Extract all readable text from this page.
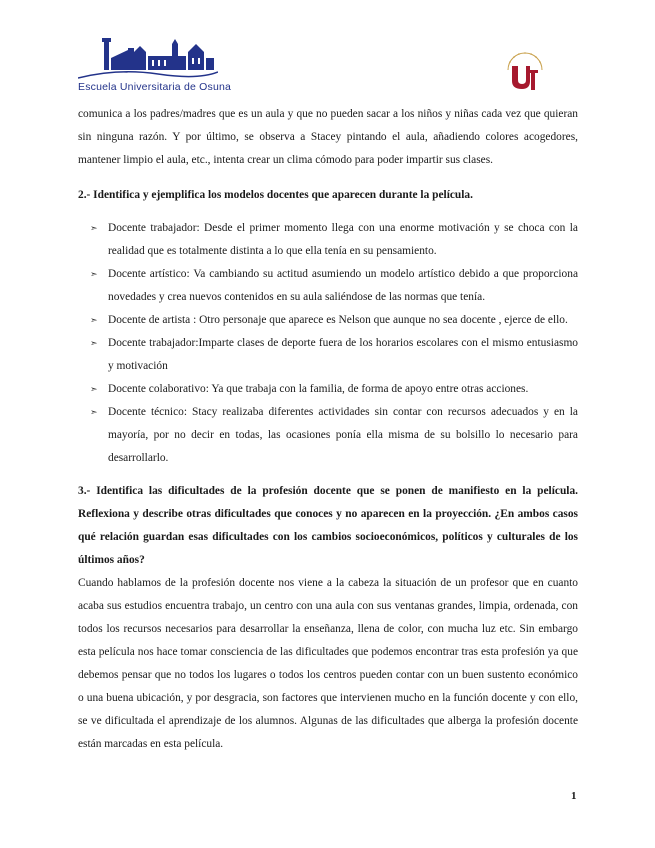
Escuela Universitaria de Osuna

comunica a los padres/madres que es un aula y que no pueden sacar a los niños y niñas cada vez que quieran sin ninguna razón. Y por último, se observa a Stacey pintando el aula, añadiendo colores acogedores, mantener limpio el aula, etc., intenta crear un clima cómodo para poder impartir sus clases.

2.- Identifica y ejemplifica los modelos docentes que aparecen durante la película.

➣ Docente trabajador: Desde el primer momento llega con una enorme motivación y se choca con la realidad que es totalmente distinta a lo que ella tenía en su pensamiento.
➣ Docente artístico: Va cambiando su actitud asumiendo un modelo artístico debido a que proporciona novedades y crea nuevos contenidos en su aula saliéndose de las normas que tenía.
➣ Docente de artista : Otro personaje que aparece es Nelson que aunque no sea docente , ejerce de ello.
➣ Docente trabajador:Imparte clases de deporte fuera de los horarios escolares con el mismo entusiasmo y motivación
➣ Docente colaborativo: Ya que trabaja con la familia, de forma de apoyo entre otras acciones.
➣ Docente técnico: Stacy realizaba diferentes actividades sin contar con recursos adecuados y en la mayoría, por no decir en todas, las ocasiones ponía ella misma de su bolsillo lo necesario para desarrollarlo.

3.- Identifica las dificultades de la profesión docente que se ponen de manifiesto en la película. Reflexiona y describe otras dificultades que conoces y no aparecen en la proyección. ¿En ambos casos qué relación guardan esas dificultades con los cambios socioeconómicos, políticos y culturales de los últimos años?

Cuando hablamos de la profesión docente nos viene a la cabeza la situación de un profesor que en cuanto acaba sus estudios encuentra trabajo, un centro con una aula con sus ventanas grandes, limpia, ordenada, con todos los recursos necesarios para desarrollar la enseñanza, llena de color, con mucha luz etc. Sin embargo esta película nos hace tomar consciencia de las dificultades que podemos encontrar tras esta profesión ya que debemos pensar que no todos los lugares o todos los centros pueden contar con un buen sustento económico o una buena ubicación, y por desgracia, son factores que intervienen mucho en la función docente y con ello, se ve dificultada el aprendizaje de los alumnos. Algunas de las dificultades que alberga la profesión docente están marcadas en esta película.

1
